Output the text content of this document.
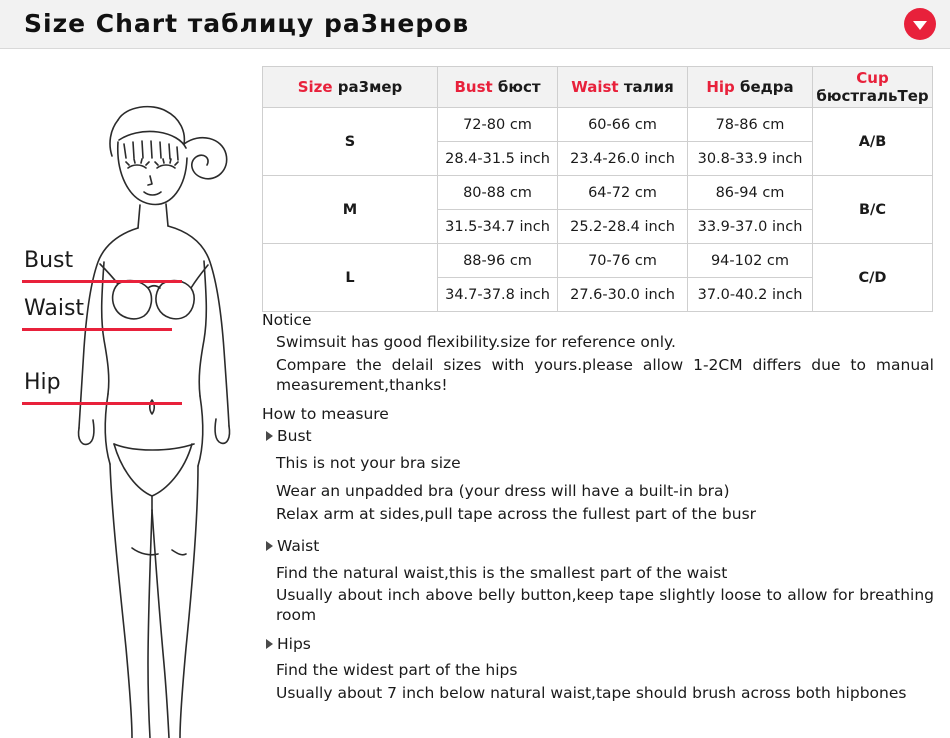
Size Chart таблицу ра3неров
Bust
Waist
Hip
Size ра3мер	Bust бюст	Waist талия	Hip бедра	Cup бюстгальTер
S	72-80 cm	60-66 cm	78-86 cm	A/B
	28.4-31.5 inch	23.4-26.0 inch	30.8-33.9 inch	
M	80-88 cm	64-72 cm	86-94 cm	B/C
	31.5-34.7 inch	25.2-28.4 inch	33.9-37.0 inch	
L	88-96 cm	70-76 cm	94-102 cm	C/D
	34.7-37.8 inch	27.6-30.0 inch	37.0-40.2 inch	

Notice

Swimsuit has good flexibility.size for reference only.

Compare the delail sizes with yours.please allow 1-2CM differs due to manual measurement,thanks!

How to measure

Bust

This is not your bra size

Wear an unpadded bra (your dress will have a built-in bra)

Relax arm at sides,pull tape across the fullest part of the busr

Waist

Find the natural waist,this is the smallest part of the waist

Usually about inch above belly button,keep tape slightly loose to allow for breathing room

Hips

Find the widest part of the hips

Usually about 7 inch below natural waist,tape should brush across both hipbones
